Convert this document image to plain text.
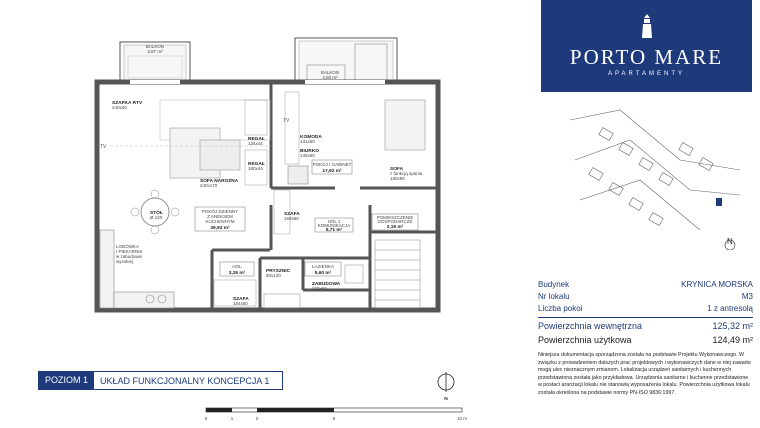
BALKON
3,87 m²
BALKON
4,50 m²
LODÓWKA
I PIEKARNIK
w zabudowie
wysokiej
TV
SZAFKA RTV
240x40
REGAŁ
134x44
REGAŁ
180x44
SOFA NAROŻNA
240x170
STÓŁ
Ø 120
POKÓJ DZIENNY
Z ANEKSEM
KUCHENNYM
39,93 m²
TV
KOMODA
131x60
BIURKO
140x60
POKÓJ / GABINET
17,92 m²	SOFA
z funkcją spania
180x90
SZAFA
160x60
HOL 1
KOMUNIKACJA
5,71 m²
POMIESZCZENIE
GOSPODARCZE
2,19 m²
HOL
3,26 m²
ŁAZIENKA
5,60 m²
PRYSZNIC
80x120
ZABUDOWA
220x60
SZAFA
184x60
N
0	1	2	5	10 m
PORTO MARE
APARTAMENTY
N
Budynek	KRYNICA MORSKA
Nr lokalu	M3
Liczba pokoi	1 z antresolą
Powierzchnia wewnętrzna	125,32 m²
Powierzchnia użytkowa	124,49 m²
Niniejsza dokumentacja sporządzona została na podstawie Projektu Wykonawczego. W związku z prowadzeniem dalszych prac projektowych i wykonawczych dane w niej zawarte mogą ulec nieznacznym zmianom. Lokalizacja urządzeń sanitarnych i kuchennych przedstawiona została jako przykładowa. Urządzenia sanitarne i kuchenne przedstawione w postaci aranżacji lokalu nie stanowią wyposażenia lokalu. Powierzchnia użytkowa lokalu została określona na podstawie normy PN-ISO 9836:1997.
POZIOM 1	UKŁAD FUNKCJONALNY KONCEPCJA 1
